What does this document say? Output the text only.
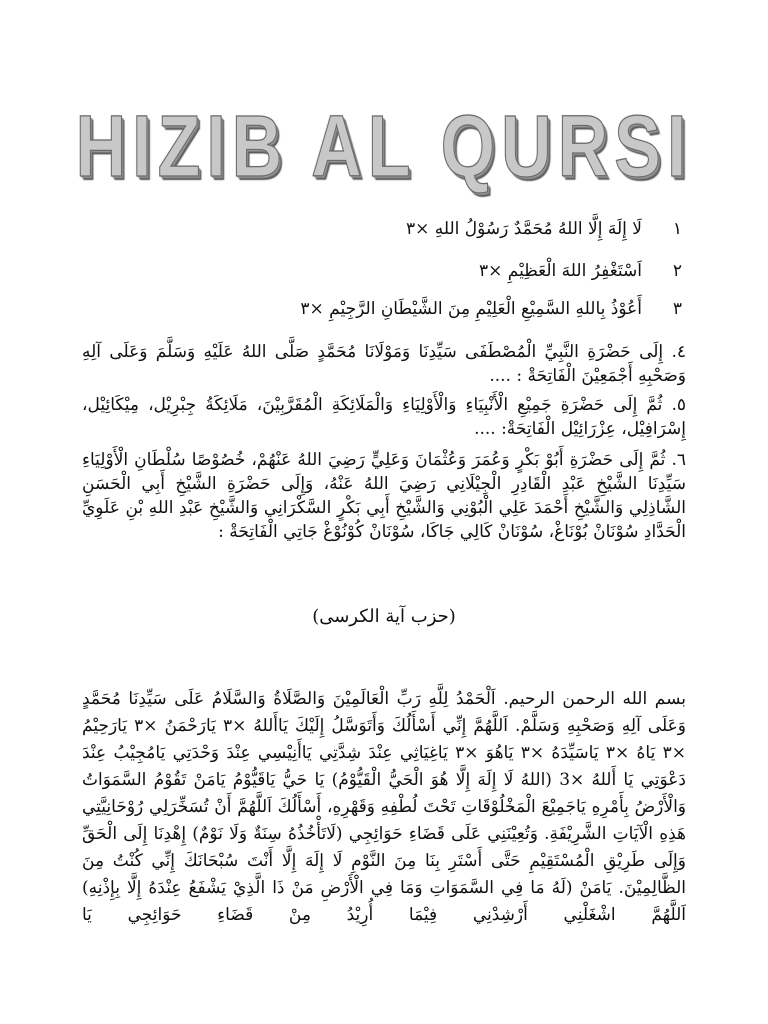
HIZIB AL QURSI
١لَا إِلَهَ إِلَّا اللهُ مُحَمَّدٌ رَسُوْلُ اللهِ ×٣
٢اَسْتَغْفِرُ اللهَ الْعَظِيْمِ ×٣
٣أَعُوْذُ بِاللهِ السَّمِيْعِ الْعَلِيْمِ مِنَ الشَّيْطَانِ الرَّجِيْمِ ×٣
٤. إِلَى حَضْرَةِ النَّبِيِّ الْمُصْطَفَى سَيِّدِنَا وَمَوْلَانَا مُحَمَّدٍ صَلَّى اللهُ عَلَيْهِ وَسَلَّمَ وَعَلَى آلِهِ وَصَحْبِهِ أَجْمَعِيْنَ الْفَاتِحَةْ : ....
٥. ثُمَّ إِلَى حَضْرَةِ جَمِيْعِ الْأَنْبِيَاءِ وَالْأَوْلِيَاءِ وَالْمَلَائِكَةِ الْمُقَرَّبِيْنَ، مَلَائِكَةُ جِبْرِيْل، مِيْكَائِيْل، إِسْرَافِيْل، عِزْرَائِيْل الْفَاتِحَةْ: ....
٦. ثُمَّ إِلَى حَضْرَةِ أَبُوْ بَكْرٍ وَعُمَرَ وَعُثْمَانَ وَعَلِيٍّ رَضِيَ اللهُ عَنْهُمْ، خُصُوْصًا سُلْطَانِ الْأَوْلِيَاءِ سَيِّدِنَا الشَّيْخِ عَبْدِ الْقَادِرِ الْجِيْلَانِي رَضِيَ اللهُ عَنْهُ، وَإِلَى حَضْرَةِ الشَّيْخِ أَبِي الْحَسَنِ الشَّاذِلِي وَالشَّيْخِ أَحْمَدَ عَلِي الْبُوْنِي وَالشَّيْخِ أَبِي بَكْرٍ السَّكْرَانِي وَالشَّيْخِ عَبْدِ اللهِ بْنِ عَلَوِيِّ الْحَدَّادِ سُوْنَانْ بُوْنَاغْ، سُوْنَانْ كَالِي جَاكَا، سُوْنَانْ كُوْنُوْغْ جَاتِي الْفَاتِحَةْ :
(حزب آية الكرسى)
بسم الله الرحمن الرحيم. اَلْحَمْدُ لِلَّهِ رَبِّ الْعَالَمِيْنَ وَالصَّلَاةُ وَالسَّلَامُ عَلَى سَيِّدِنَا مُحَمَّدٍ وَعَلَى آلِهِ وَصَحْبِهِ وَسَلَّمْ. اَللَّهُمَّ إِنِّي أَسْأَلُكَ وَأَتَوَسَّلُ إِلَيْكَ يَاأَللهُ ×٣ يَارَحْمَنُ ×٣ يَارَحِيْمُ ×٣ يَاهُ ×٣ يَاسَيِّدَهُ ×٣ يَاهُوَ ×٣ يَاغِيَاثِي عِنْدَ شِدَّتِي يَاأَنِيْسِي عِنْدَ وَحْدَتِي يَامُجِيْبُ عِنْدَ دَعْوَتِي يَا أَللهُ ×3 (اللهُ لَا إِلَهَ إِلَّا هُوَ الْحَيُّ الْقَيُّوْمُ) يَا حَيُّ يَاقَيُّوْمُ يَامَنْ تَقُوْمُ السَّمَوَاتُ وَالْأَرْضُ بِأَمْرِهِ يَاجَمِيْعَ الْمَخْلُوْقَاتِ تَحْتَ لُطْفِهِ وَقَهْرِهِ، أَسْأَلُكَ اَللَّهُمَّ أَنْ تُسَخِّرَلِي رُوْحَانِيَّتِي هَذِهِ الْآيَاتِ الشَّرِيْفَةِ. وَتُعِيْنَنِي عَلَى قَضَاءِ حَوَائِجِي (لَاتَأْخُذُهُ سِنَةٌ وَلَا نَوْمٌ) إِهْدِنَا إِلَى الْحَقِّ وَإِلَى طَرِيْقِ الْمُسْتَقِيْمِ حَتَّى أَسْتَرِ بِنَا مِنَ النَّوْمِ لَا إِلَهَ إِلَّا أَنْتَ سُبْحَانَكَ إِنِّي كُنْتُ مِنَ الظَّالِمِيْنَ. يَامَنْ (لَهُ مَا فِي السَّمَوَاتِ وَمَا فِي الْأَرْضِ مَنْ ذَا الَّذِيْ يَشْفَعُ عِنْدَهُ إِلَّا بِإِذْنِهِ) اَللَّهُمَّ اشْغَلْنِي أَرْشِدْنِي فِيْمَا أُرِيْدُ مِنْ قَضَاءِ حَوَائِجِي يَا
